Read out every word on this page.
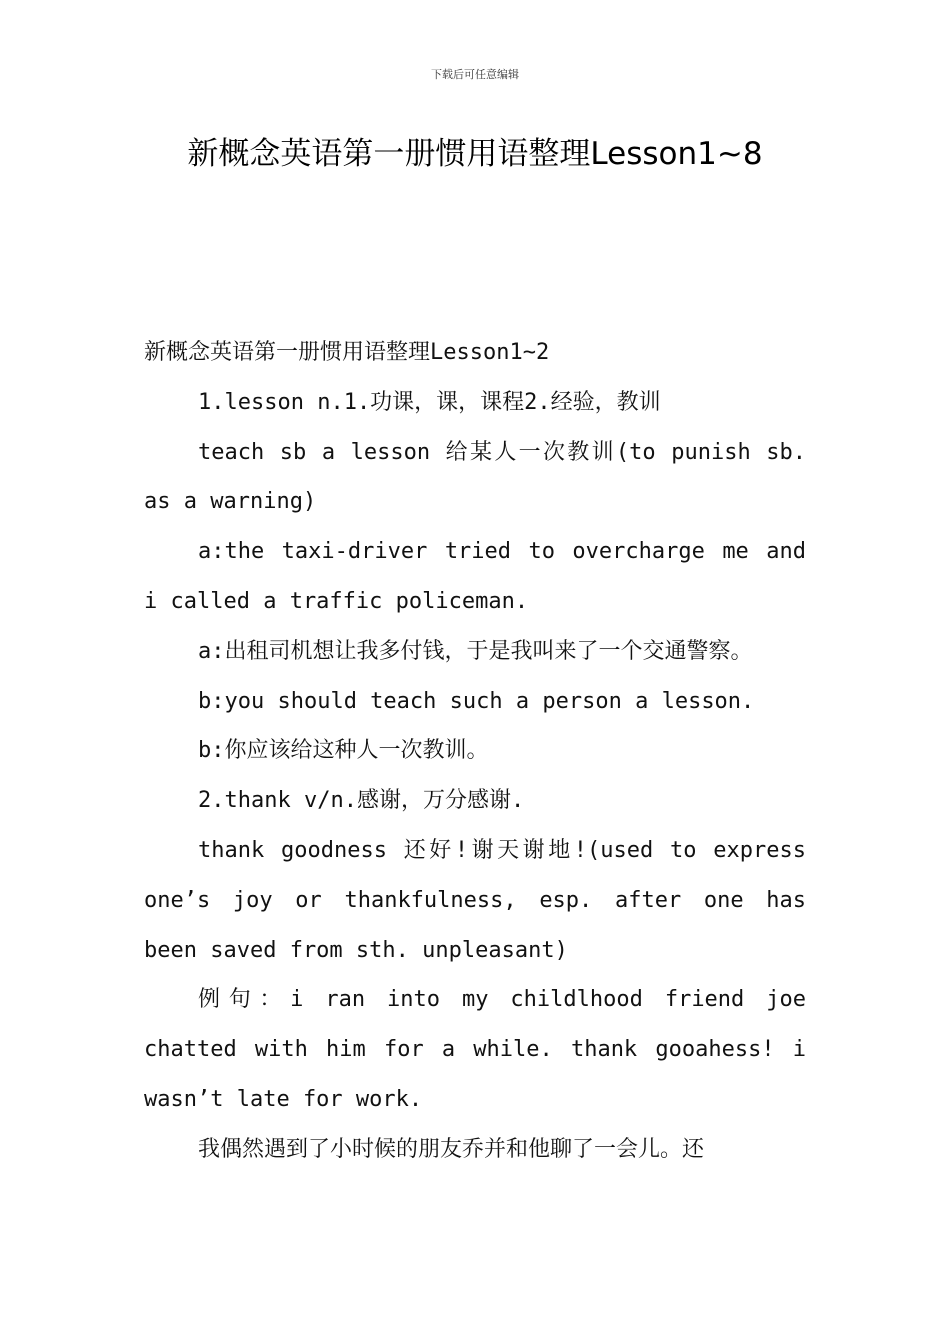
下载后可任意编辑
新概念英语第一册惯用语整理Lesson1~8

新概念英语第一册惯用语整理Lesson1~2

1.lesson n.1.功课，课，课程2.经验，教训

teach sb a lesson 给某人一次教训(to punish sb. as a warning)

a:the taxi-driver tried to overcharge me and i called a traffic policeman.

a:出租司机想让我多付钱，于是我叫来了一个交通警察。

b:you should teach such a person a lesson.

b:你应该给这种人一次教训。

2.thank v/n.感谢，万分感谢.

thank goodness 还好!谢天谢地!(used to express one’s joy or thankfulness, esp. after one has been saved from sth. unpleasant)

例句：i ran into my childlhood friend joe chatted with him for a while. thank gooahess! i wasn’t late for work.

我偶然遇到了小时候的朋友乔并和他聊了一会儿。还
